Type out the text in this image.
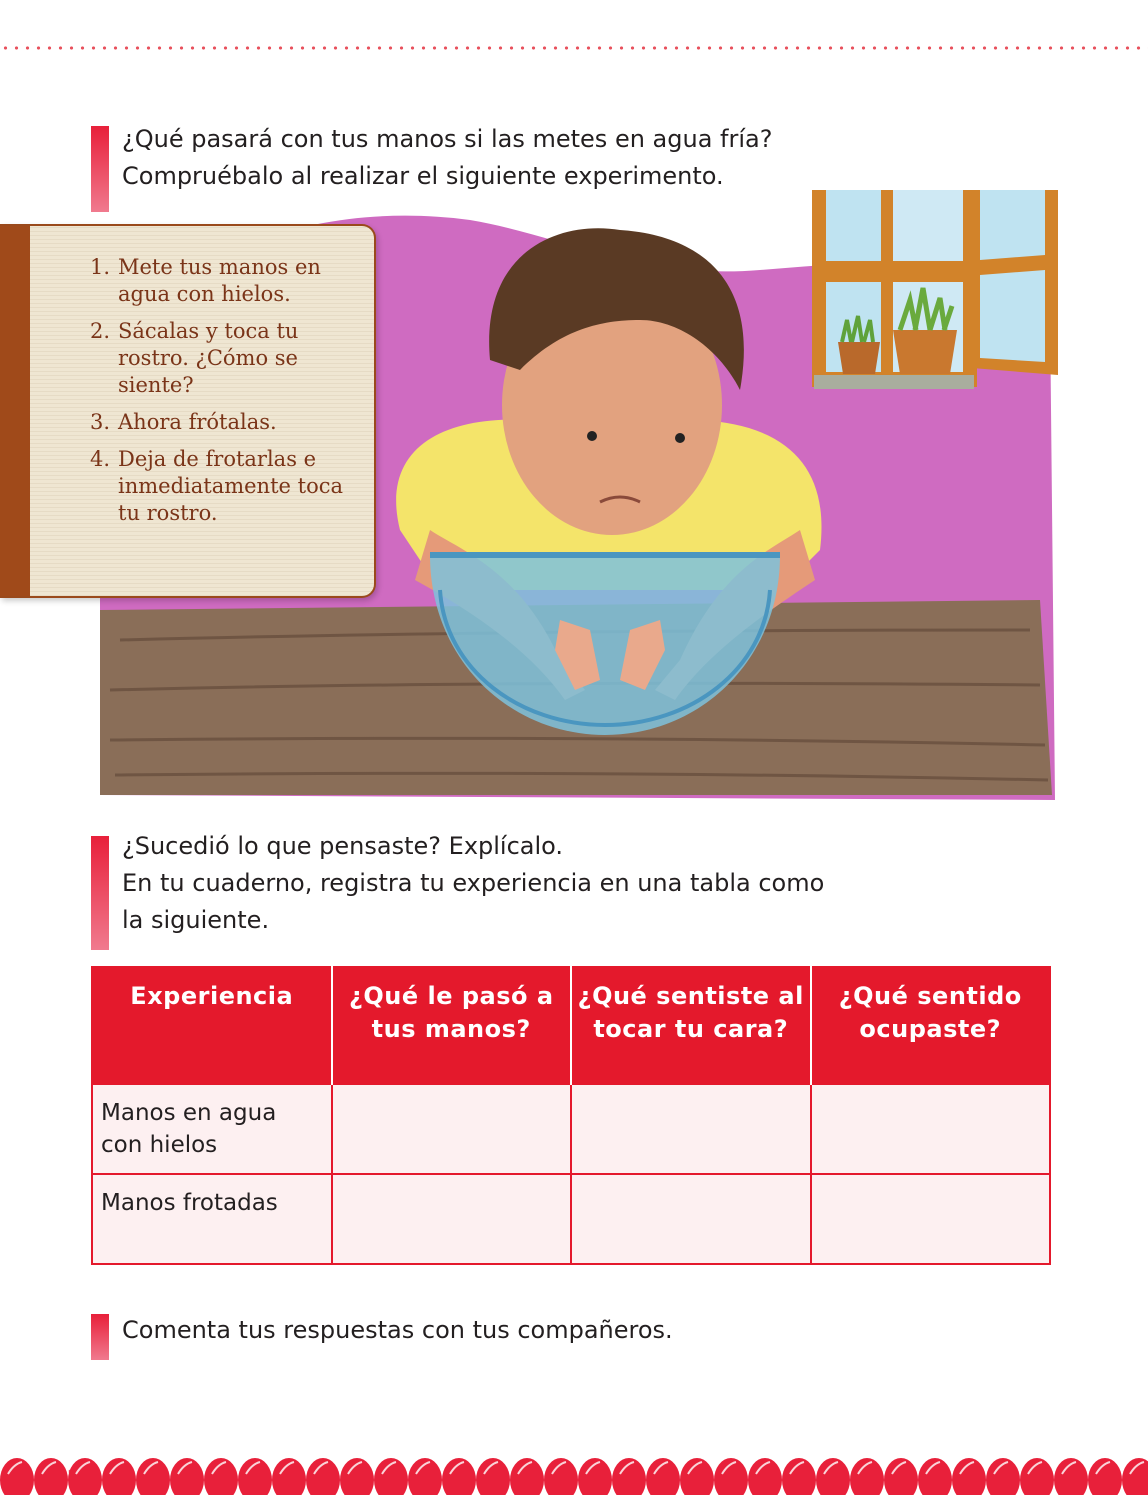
¿Qué pasará con tus manos si las metes en agua fría?
Compruébalo al realizar el siguiente experimento.

1. Mete tus manos en agua con hielos.
2. Sácalas y toca tu rostro. ¿Cómo se siente?
3. Ahora frótalas.
4. Deja de frotarlas e inmediatamente toca tu rostro.

¿Sucedió lo que pensaste? Explícalo.
En tu cuaderno, registra tu experiencia en una tabla como
la siguiente.

Experiencia	¿Qué le pasó a tus manos?	¿Qué sentiste al tocar tu cara?	¿Qué sentido ocupaste?
Manos en agua con hielos			
Manos frotadas			

Comenta tus respuestas con tus compañeros.
